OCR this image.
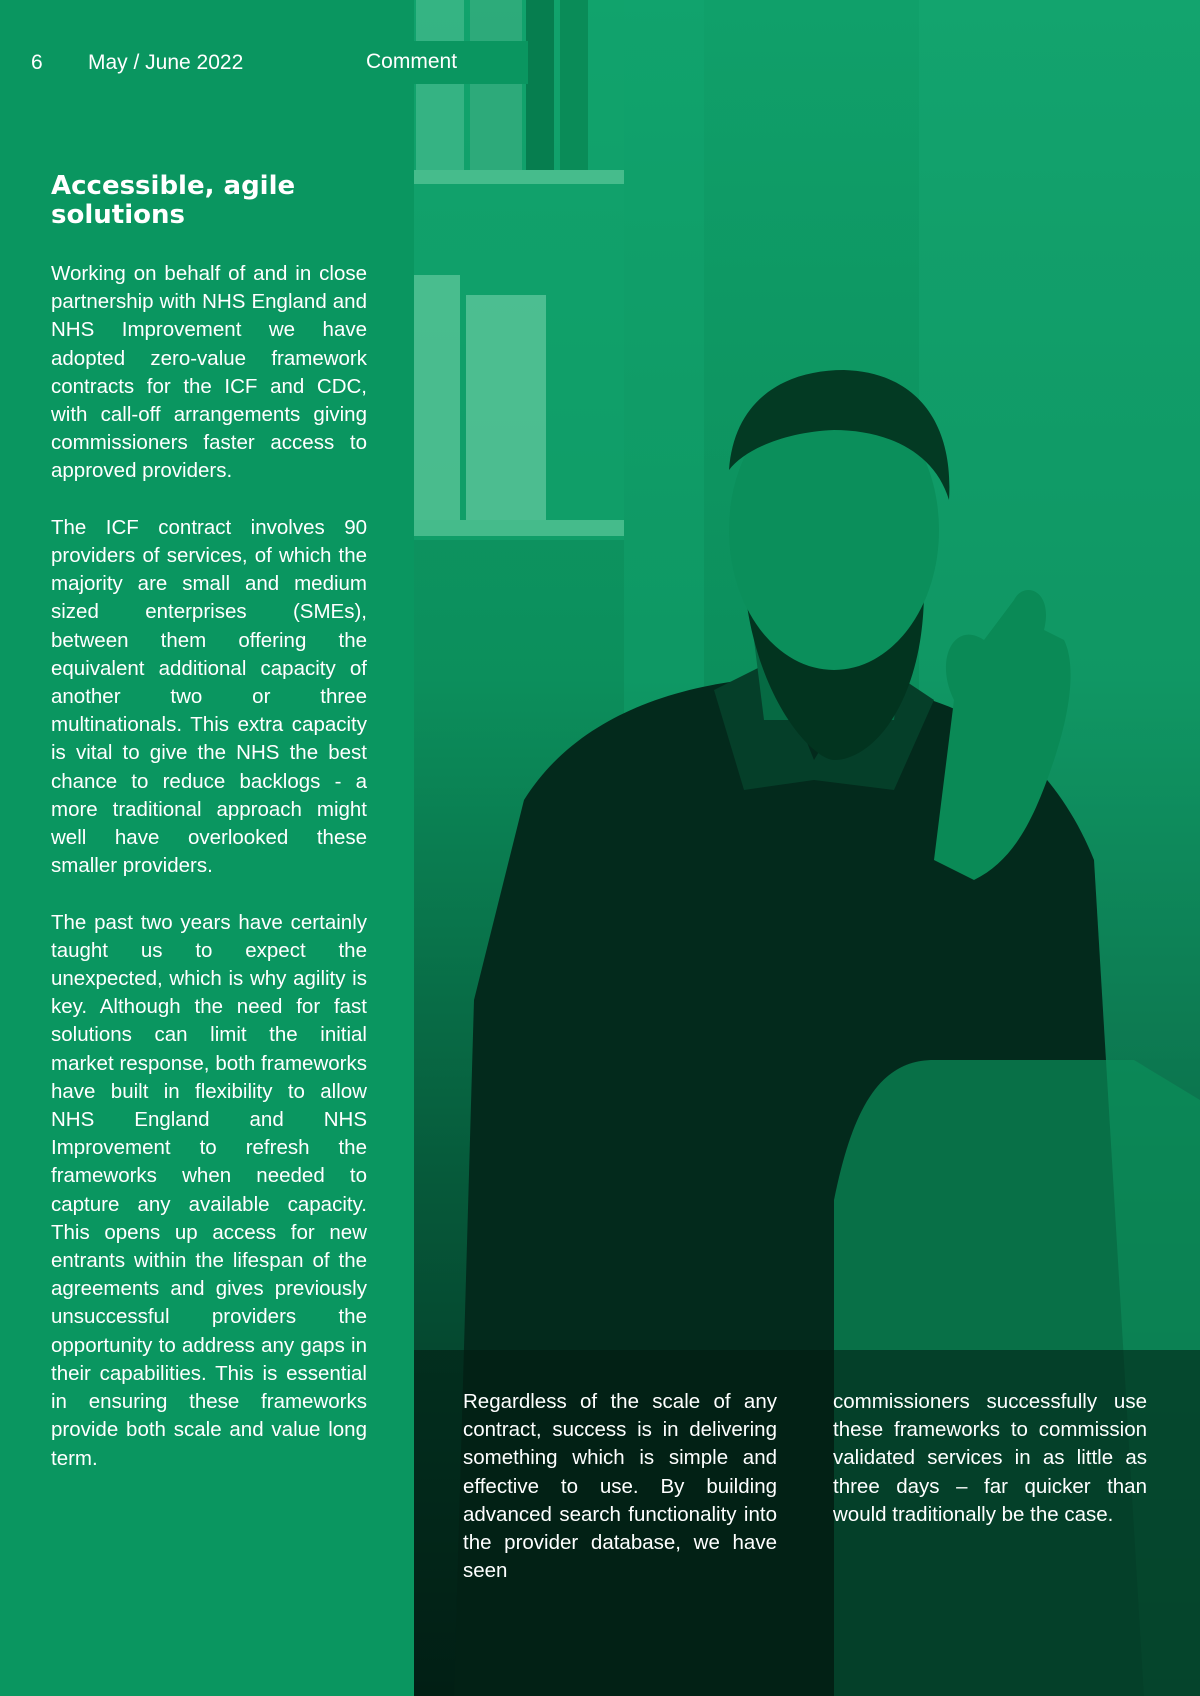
6 May / June 2022	Comment
Accessible, agile solutions

Working on behalf of and in close partnership with NHS England and NHS Improvement we have adopted zero-value framework contracts for the ICF and CDC, with call-off arrangements giving commissioners faster access to approved providers.

The ICF contract involves 90 providers of services, of which the majority are small and medium sized enterprises (SMEs), between them offering the equivalent additional capacity of another two or three multinationals. This extra capacity is vital to give the NHS the best chance to reduce backlogs - a more traditional approach might well have overlooked these smaller providers.

The past two years have certainly taught us to expect the unexpected, which is why agility is key. Although the need for fast solutions can limit the initial market response, both frameworks have built in flexibility to allow NHS England and NHS Improvement to refresh the frameworks when needed to capture any available capacity. This opens up access for new entrants within the lifespan of the agreements and gives previously unsuccessful providers the opportunity to address any gaps in their capabilities. This is essential in ensuring these frameworks provide both scale and value long term.

Regardless of the scale of any contract, success is in delivering something which is simple and effective to use. By building advanced search functionality into the provider database, we have seen

commissioners successfully use these frameworks to commission validated services in as little as three days – far quicker than would traditionally be the case.
